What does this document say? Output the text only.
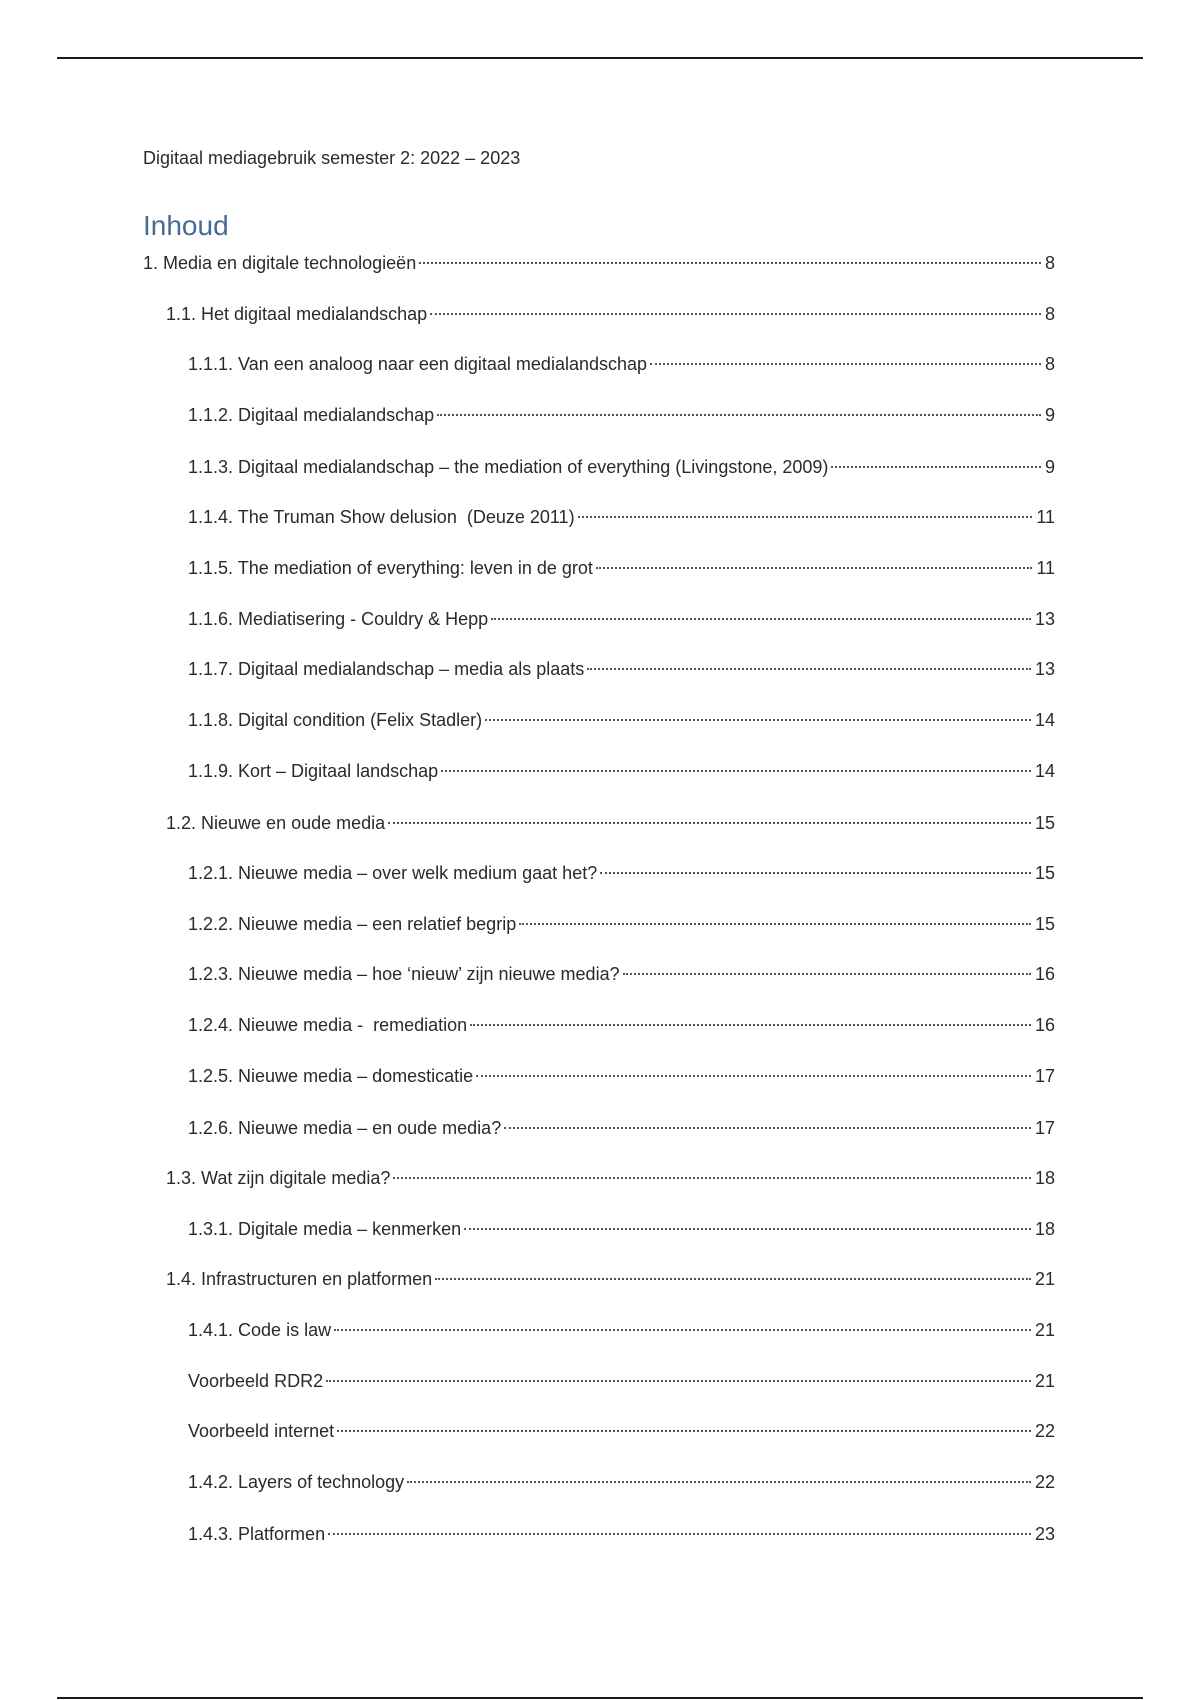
Digitaal mediagebruik semester 2: 2022 – 2023
Inhoud
1. Media en digitale technologieën	8
1.1. Het digitaal medialandschap	8
1.1.1. Van een analoog naar een digitaal medialandschap	8
1.1.2. Digitaal medialandschap	9
1.1.3. Digitaal medialandschap – the mediation of everything (Livingstone, 2009)	9
1.1.4. The Truman Show delusion  (Deuze 2011)	11
1.1.5. The mediation of everything: leven in de grot	11
1.1.6. Mediatisering - Couldry & Hepp	13
1.1.7. Digitaal medialandschap – media als plaats	13
1.1.8. Digital condition (Felix Stadler)	14
1.1.9. Kort – Digitaal landschap	14
1.2. Nieuwe en oude media	15
1.2.1. Nieuwe media – over welk medium gaat het?	15
1.2.2. Nieuwe media – een relatief begrip	15
1.2.3. Nieuwe media – hoe ‘nieuw’ zijn nieuwe media?	16
1.2.4. Nieuwe media -  remediation	16
1.2.5. Nieuwe media – domesticatie	17
1.2.6. Nieuwe media – en oude media?	17
1.3. Wat zijn digitale media?	18
1.3.1. Digitale media – kenmerken	18
1.4. Infrastructuren en platformen	21
1.4.1. Code is law	21
Voorbeeld RDR2	21
Voorbeeld internet	22
1.4.2. Layers of technology	22
1.4.3. Platformen	23
